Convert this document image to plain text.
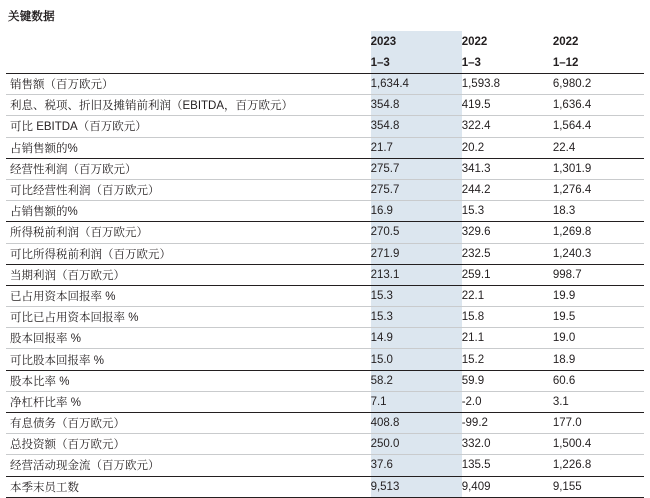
关键数据
	2023	2022	2022
	1–3	1–3	1–12
销售额（百万欧元）	1,634.4	1,593.8	6,980.2
利息、税项、折旧及摊销前利润（EBITDA，百万欧元）	354.8	419.5	1,636.4
可比 EBITDA（百万欧元）	354.8	322.4	1,564.4
占销售额的%	21.7	20.2	22.4
经营性利润（百万欧元）	275.7	341.3	1,301.9
可比经营性利润（百万欧元）	275.7	244.2	1,276.4
占销售额的%	16.9	15.3	18.3
所得税前利润（百万欧元）	270.5	329.6	1,269.8
可比所得税前利润（百万欧元）	271.9	232.5	1,240.3
当期利润（百万欧元）	213.1	259.1	998.7
已占用资本回报率 %	15.3	22.1	19.9
可比已占用资本回报率 %	15.3	15.8	19.5
股本回报率 %	14.9	21.1	19.0
可比股本回报率 %	15.0	15.2	18.9
股本比率 %	58.2	59.9	60.6
净杠杆比率 %	7.1	-2.0	3.1
有息债务（百万欧元）	408.8	-99.2	177.0
总投资额（百万欧元）	250.0	332.0	1,500.4
经营活动现金流（百万欧元）	37.6	135.5	1,226.8
本季末员工数	9,513	9,409	9,155
